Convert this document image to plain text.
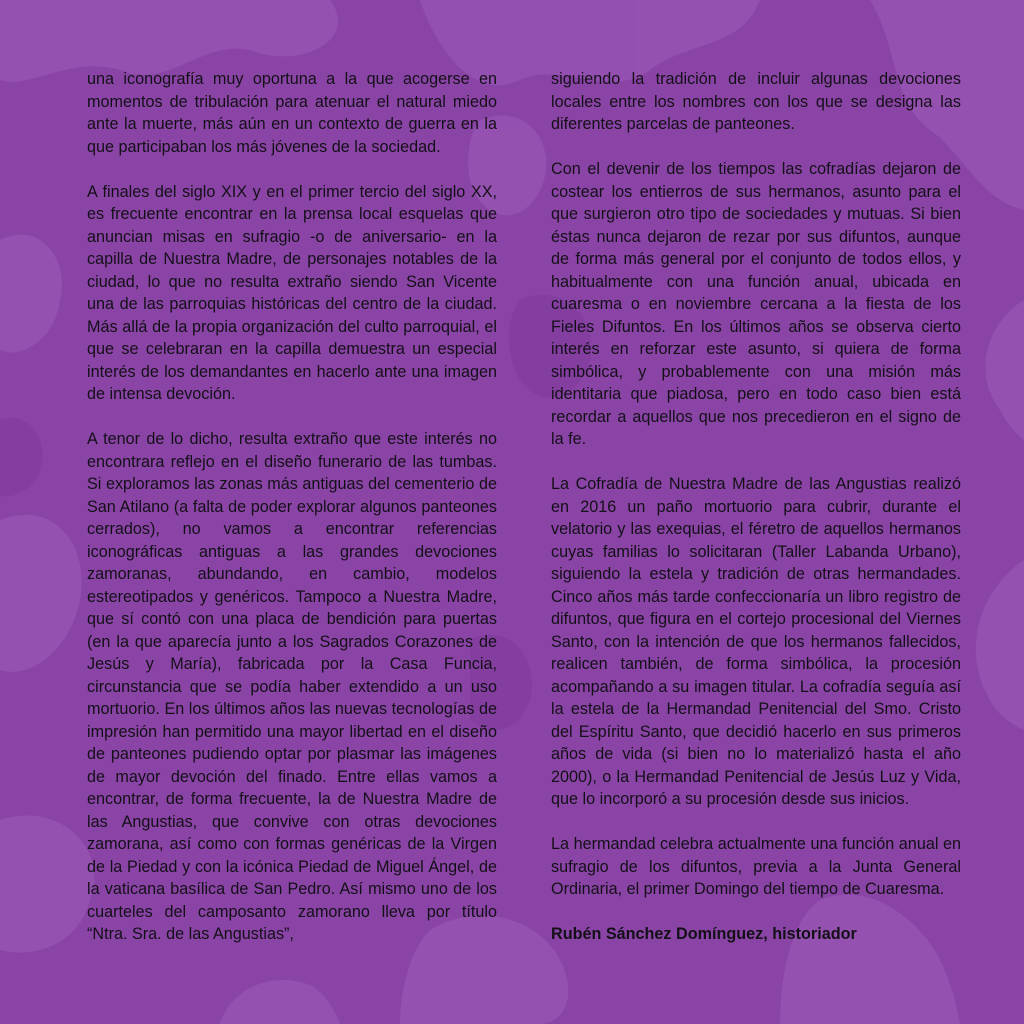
una iconografía muy oportuna a la que acogerse en momentos de tribulación para atenuar el natural miedo ante la muerte, más aún en un contexto de guerra en la que participaban los más jóvenes de la sociedad.

A finales del siglo XIX y en el primer tercio del siglo XX, es frecuente encontrar en la prensa local esquelas que anuncian misas en sufragio -o de aniversario- en la capilla de Nuestra Madre, de personajes notables de la ciudad, lo que no resulta extraño siendo San Vicente una de las parroquias históricas del centro de la ciudad. Más allá de la propia organización del culto parroquial, el que se celebraran en la capilla demuestra un especial interés de los demandantes en hacerlo ante una imagen de intensa devoción.

A tenor de lo dicho, resulta extraño que este interés no encontrara reflejo en el diseño funerario de las tumbas. Si exploramos las zonas más antiguas del cementerio de San Atilano (a falta de poder explorar algunos panteones cerrados), no vamos a encontrar referencias iconográficas antiguas a las grandes devociones zamoranas, abundando, en cambio, modelos estereotipados y genéricos. Tampoco a Nuestra Madre, que sí contó con una placa de bendición para puertas (en la que aparecía junto a los Sagrados Corazones de Jesús y María), fabricada por la Casa Funcia, circunstancia que se podía haber extendido a un uso mortuorio. En los últimos años las nuevas tecnologías de impresión han permitido una mayor libertad en el diseño de panteones pudiendo optar por plasmar las imágenes de mayor devoción del finado. Entre ellas vamos a encontrar, de forma frecuente, la de Nuestra Madre de las Angustias, que convive con otras devociones zamorana, así como con formas genéricas de la Virgen de la Piedad y con la icónica Piedad de Miguel Ángel, de la vaticana basílica de San Pedro. Así mismo uno de los cuarteles del camposanto zamorano lleva por título “Ntra. Sra. de las Angustias”,

siguiendo la tradición de incluir algunas devociones locales entre los nombres con los que se designa las diferentes parcelas de panteones.

Con el devenir de los tiempos las cofradías dejaron de costear los entierros de sus hermanos, asunto para el que surgieron otro tipo de sociedades y mutuas. Si bien éstas nunca dejaron de rezar por sus difuntos, aunque de forma más general por el conjunto de todos ellos, y habitualmente con una función anual, ubicada en cuaresma o en noviembre cercana a la fiesta de los Fieles Difuntos. En los últimos años se observa cierto interés en reforzar este asunto, si quiera de forma simbólica, y probablemente con una misión más identitaria que piadosa, pero en todo caso bien está recordar a aquellos que nos precedieron en el signo de la fe.

La Cofradía de Nuestra Madre de las Angustias realizó en 2016 un paño mortuorio para cubrir, durante el velatorio y las exequias, el féretro de aquellos hermanos cuyas familias lo solicitaran (Taller Labanda Urbano), siguiendo la estela y tradición de otras hermandades. Cinco años más tarde confeccionaría un libro registro de difuntos, que figura en el cortejo procesional del Viernes Santo, con la intención de que los hermanos fallecidos, realicen también, de forma simbólica, la procesión acompañando a su imagen titular. La cofradía seguía así la estela de la Hermandad Penitencial del Smo. Cristo del Espíritu Santo, que decidió hacerlo en sus primeros años de vida (si bien no lo materializó hasta el año 2000), o la Hermandad Penitencial de Jesús Luz y Vida, que lo incorporó a su procesión desde sus inicios.

La hermandad celebra actualmente una función anual en sufragio de los difuntos, previa a la Junta General Ordinaria, el primer Domingo del tiempo de Cuaresma.

Rubén Sánchez Domínguez, historiador
